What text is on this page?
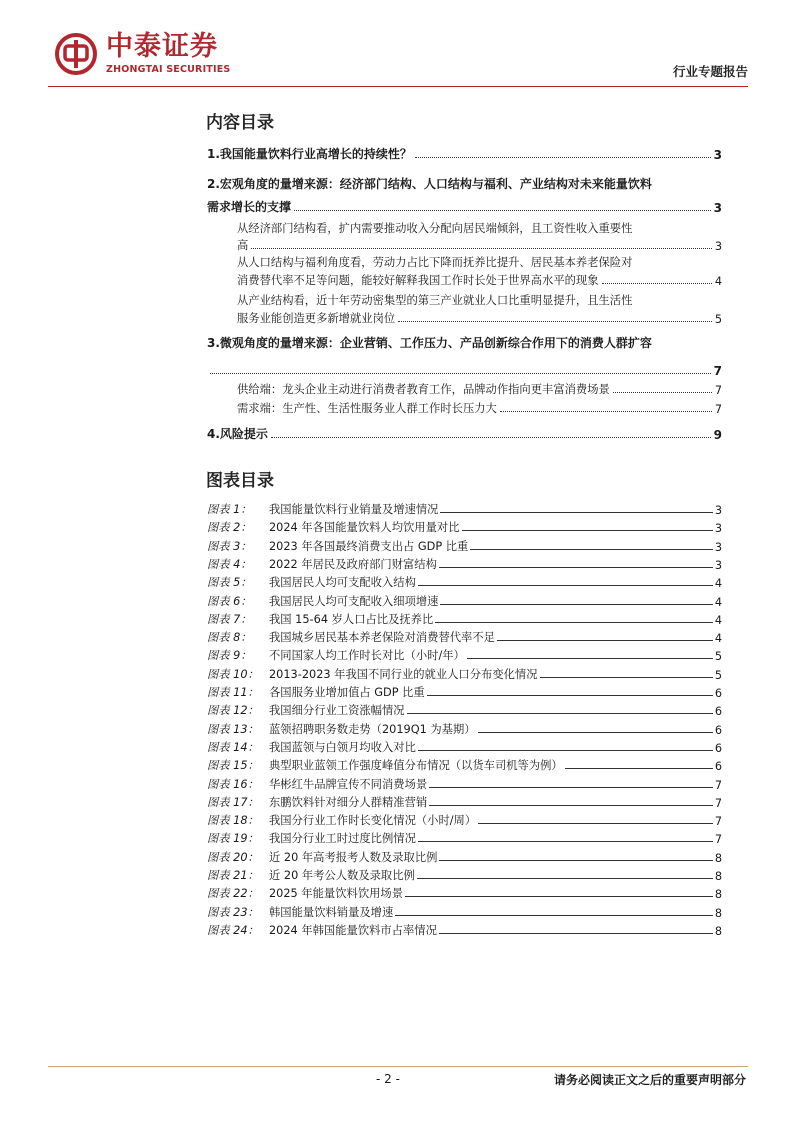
中泰证券
ZHONGTAI SECURITIES	行业专题报告
内容目录
1.我国能量饮料行业高增长的持续性？	3
2.宏观角度的量增来源：经济部门结构、人口结构与福利、产业结构对未来能量饮料
需求增长的支撑	3
从经济部门结构看，扩内需要推动收入分配向居民端倾斜，且工资性收入重要性
高	3
从人口结构与福利角度看，劳动力占比下降而抚养比提升、居民基本养老保险对
消费替代率不足等问题，能较好解释我国工作时长处于世界高水平的现象	4
从产业结构看，近十年劳动密集型的第三产业就业人口比重明显提升，且生活性
服务业能创造更多新增就业岗位	5
3.微观角度的量增来源：企业营销、工作压力、产品创新综合作用下的消费人群扩容
7
供给端：龙头企业主动进行消费者教育工作，品牌动作指向更丰富消费场景	7
需求端：生产性、生活性服务业人群工作时长压力大	7
4.风险提示	9
图表目录
图表 1：	我国能量饮料行业销量及增速情况	3
图表 2：	2024 年各国能量饮料人均饮用量对比	3
图表 3：	2023 年各国最终消费支出占 GDP 比重	3
图表 4：	2022 年居民及政府部门财富结构	3
图表 5：	我国居民人均可支配收入结构	4
图表 6：	我国居民人均可支配收入细项增速	4
图表 7：	我国 15-64 岁人口占比及抚养比	4
图表 8：	我国城乡居民基本养老保险对消费替代率不足	4
图表 9：	不同国家人均工作时长对比（小时/年）	5
图表 10： 2013-2023 年我国不同行业的就业人口分布变化情况	5
图表 11： 各国服务业增加值占 GDP 比重	6
图表 12： 我国细分行业工资涨幅情况	6
图表 13： 蓝领招聘职务数走势（2019Q1 为基期）	6
图表 14： 我国蓝领与白领月均收入对比	6
图表 15： 典型职业蓝领工作强度峰值分布情况（以货车司机等为例）	6
图表 16： 华彬红牛品牌宣传不同消费场景	7
图表 17： 东鹏饮料针对细分人群精准营销	7
图表 18： 我国分行业工作时长变化情况（小时/周）	7
图表 19： 我国分行业工时过度比例情况	7
图表 20： 近 20 年高考报考人数及录取比例	8
图表 21： 近 20 年考公人数及录取比例	8
图表 22： 2025 年能量饮料饮用场景	8
图表 23： 韩国能量饮料销量及增速	8
图表 24： 2024 年韩国能量饮料市占率情况	8
- 2 -	请务必阅读正文之后的重要声明部分
